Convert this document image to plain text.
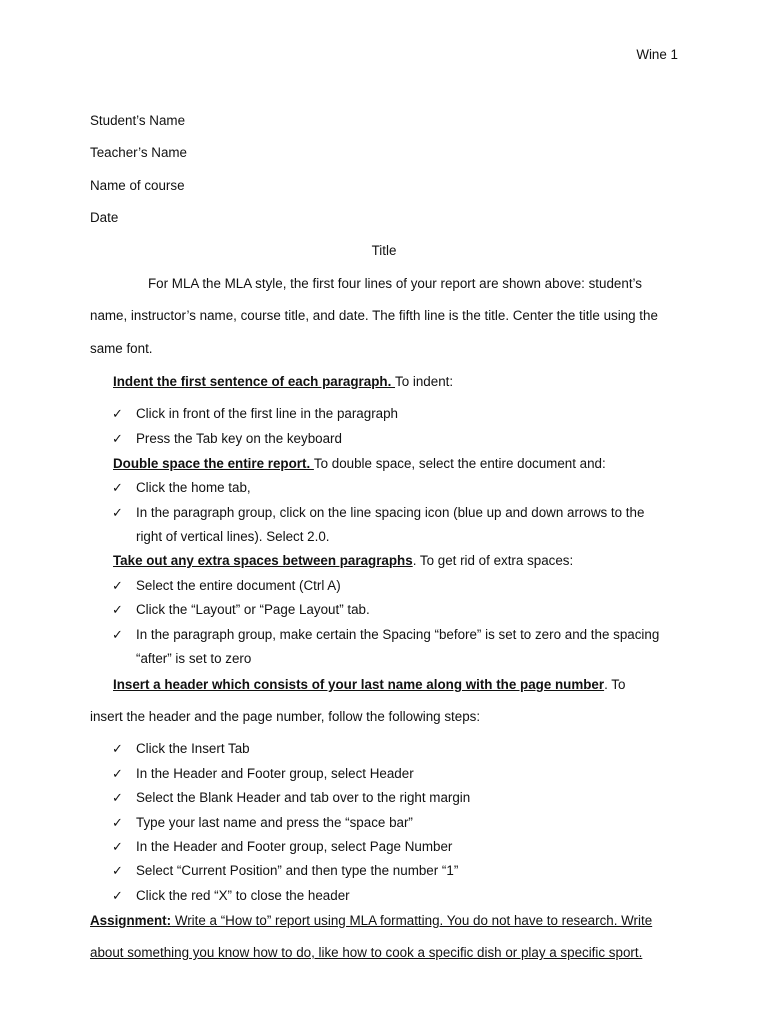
Wine 1
Student’s Name
Teacher’s Name
Name of course
Date
Title
For MLA the MLA style, the first four lines of your report are shown above: student’s
name, instructor’s name, course title, and date. The fifth line is the title. Center the title using the
same font.
Indent the first sentence of each paragraph. To indent:
✓ Click in front of the first line in the paragraph
✓ Press the Tab key on the keyboard
Double space the entire report. To double space, select the entire document and:
✓ Click the home tab,
✓ In the paragraph group, click on the line spacing icon (blue up and down arrows to the
right of vertical lines). Select 2.0.
Take out any extra spaces between paragraphs. To get rid of extra spaces:
✓ Select the entire document (Ctrl A)
✓ Click the “Layout” or “Page Layout” tab.
✓ In the paragraph group, make certain the Spacing “before” is set to zero and the spacing
“after” is set to zero
Insert a header which consists of your last name along with the page number. To
insert the header and the page number, follow the following steps:
✓ Click the Insert Tab
✓ In the Header and Footer group, select Header
✓ Select the Blank Header and tab over to the right margin
✓ Type your last name and press the “space bar”
✓ In the Header and Footer group, select Page Number
✓ Select “Current Position” and then type the number “1”
✓ Click the red “X” to close the header
Assignment: Write a “How to” report using MLA formatting. You do not have to research. Write
about something you know how to do, like how to cook a specific dish or play a specific sport.
